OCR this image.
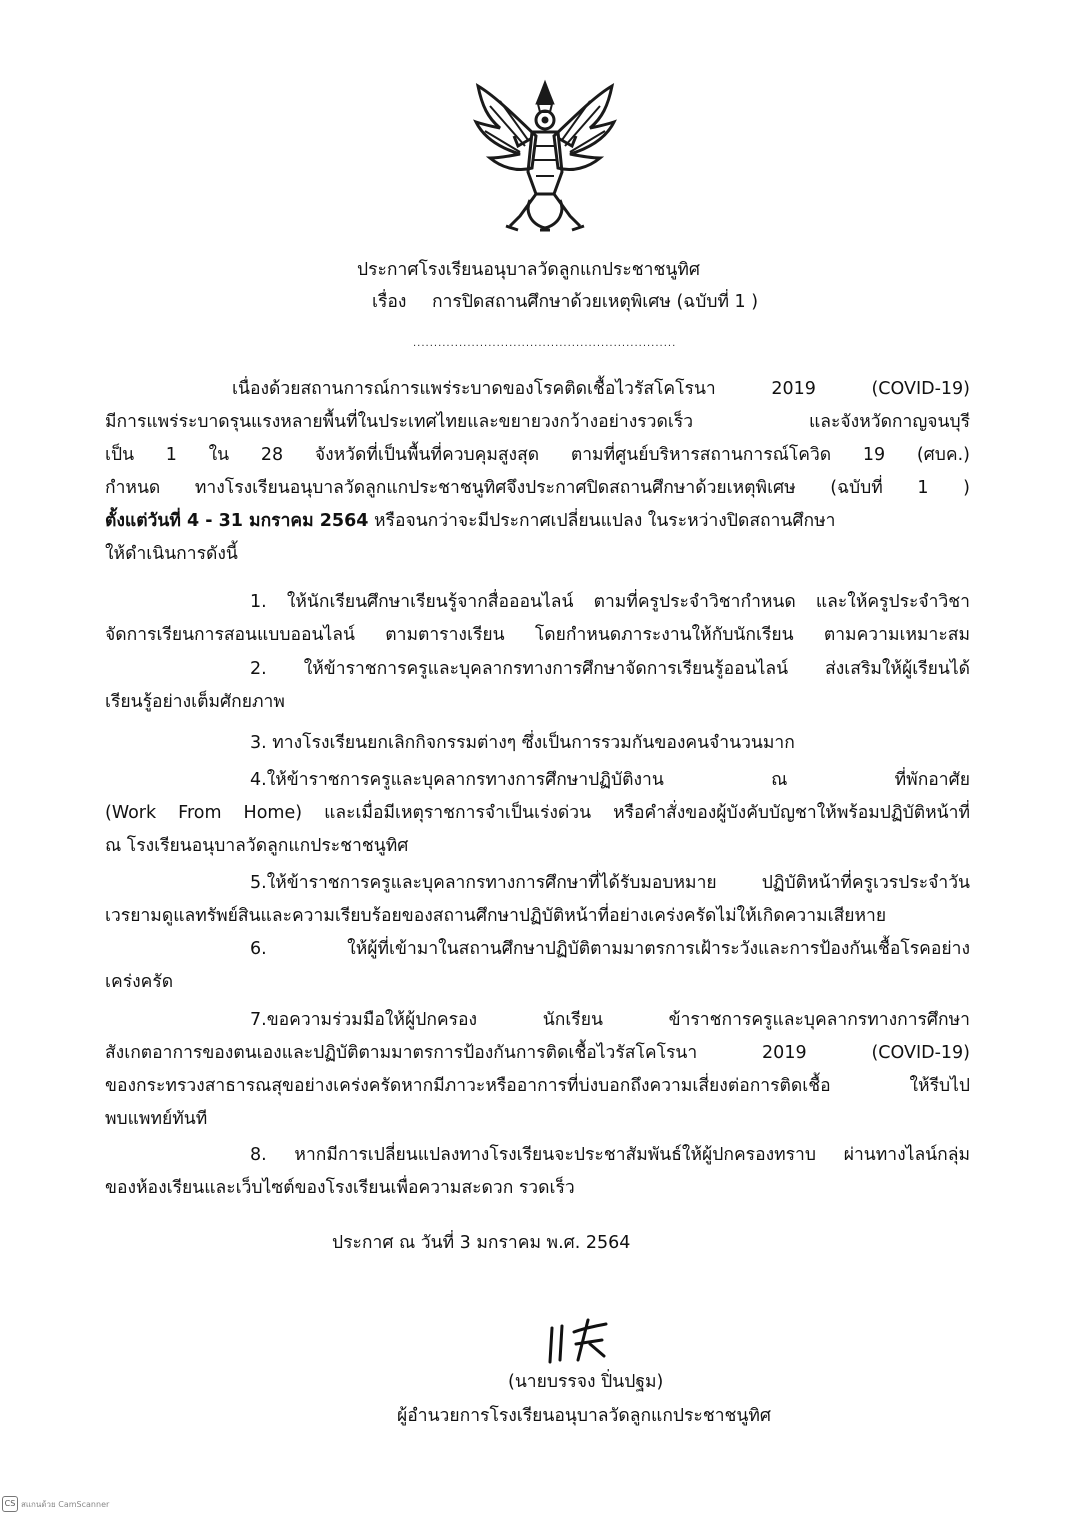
ประกาศโรงเรียนอนุบาลวัดลูกแกประชาชนูทิศ
เรื่อง การปิดสถานศึกษาด้วยเหตุพิเศษ (ฉบับที่ 1 )
...............................................................
เนื่องด้วยสถานการณ์การแพร่ระบาดของโรคติดเชื้อไวรัสโคโรนา 2019 (COVID-19)
มีการแพร่ระบาดรุนแรงหลายพื้นที่ในประเทศไทยและขยายวงกว้างอย่างรวดเร็ว และจังหวัดกาญจนบุรี
เป็น 1 ใน 28 จังหวัดที่เป็นพื้นที่ควบคุมสูงสุด ตามที่ศูนย์บริหารสถานการณ์โควิด 19 (ศบค.)
กำหนด ทางโรงเรียนอนุบาลวัดลูกแกประชาชนูทิศจึงประกาศปิดสถานศึกษาด้วยเหตุพิเศษ (ฉบับที่ 1 )
ตั้งแต่วันที่ 4 - 31 มกราคม 2564 หรือจนกว่าจะมีประกาศเปลี่ยนแปลง ในระหว่างปิดสถานศึกษา
ให้ดำเนินการดังนี้
1. ให้นักเรียนศึกษาเรียนรู้จากสื่อออนไลน์ ตามที่ครูประจำวิชากำหนด และให้ครูประจำวิชา
จัดการเรียนการสอนแบบออนไลน์ ตามตารางเรียน โดยกำหนดภาระงานให้กับนักเรียน ตามความเหมาะสม
2. ให้ข้าราชการครูและบุคลากรทางการศึกษาจัดการเรียนรู้ออนไลน์ ส่งเสริมให้ผู้เรียนได้
เรียนรู้อย่างเต็มศักยภาพ
3. ทางโรงเรียนยกเลิกกิจกรรมต่างๆ ซึ่งเป็นการรวมกันของคนจำนวนมาก
4.ให้ข้าราชการครูและบุคลากรทางการศึกษาปฏิบัติงาน ณ ที่พักอาศัย
(Work From Home) และเมื่อมีเหตุราชการจำเป็นเร่งด่วน หรือคำสั่งของผู้บังคับบัญชาให้พร้อมปฏิบัติหน้าที่
ณ โรงเรียนอนุบาลวัดลูกแกประชาชนูทิศ
5.ให้ข้าราชการครูและบุคลากรทางการศึกษาที่ได้รับมอบหมาย ปฏิบัติหน้าที่ครูเวรประจำวัน
เวรยามดูแลทรัพย์สินและความเรียบร้อยของสถานศึกษาปฏิบัติหน้าที่อย่างเคร่งครัดไม่ให้เกิดความเสียหาย
6. ให้ผู้ที่เข้ามาในสถานศึกษาปฏิบัติตามมาตรการเฝ้าระวังและการป้องกันเชื้อโรคอย่าง
เคร่งครัด
7.ขอความร่วมมือให้ผู้ปกครอง นักเรียน ข้าราชการครูและบุคลากรทางการศึกษา
สังเกตอาการของตนเองและปฏิบัติตามมาตรการป้องกันการติดเชื้อไวรัสโคโรนา 2019 (COVID-19)
ของกระทรวงสาธารณสุขอย่างเคร่งครัดหากมีภาวะหรืออาการที่บ่งบอกถึงความเสี่ยงต่อการติดเชื้อ ให้รีบไป
พบแพทย์ทันที
8. หากมีการเปลี่ยนแปลงทางโรงเรียนจะประชาสัมพันธ์ให้ผู้ปกครองทราบ ผ่านทางไลน์กลุ่ม
ของห้องเรียนและเว็บไซต์ของโรงเรียนเพื่อความสะดวก รวดเร็ว
ประกาศ ณ วันที่ 3 มกราคม พ.ศ. 2564
(นายบรรจง ปิ่นปฐม)
ผู้อำนวยการโรงเรียนอนุบาลวัดลูกแกประชาชนูทิศ
CS สแกนด้วย CamScanner
